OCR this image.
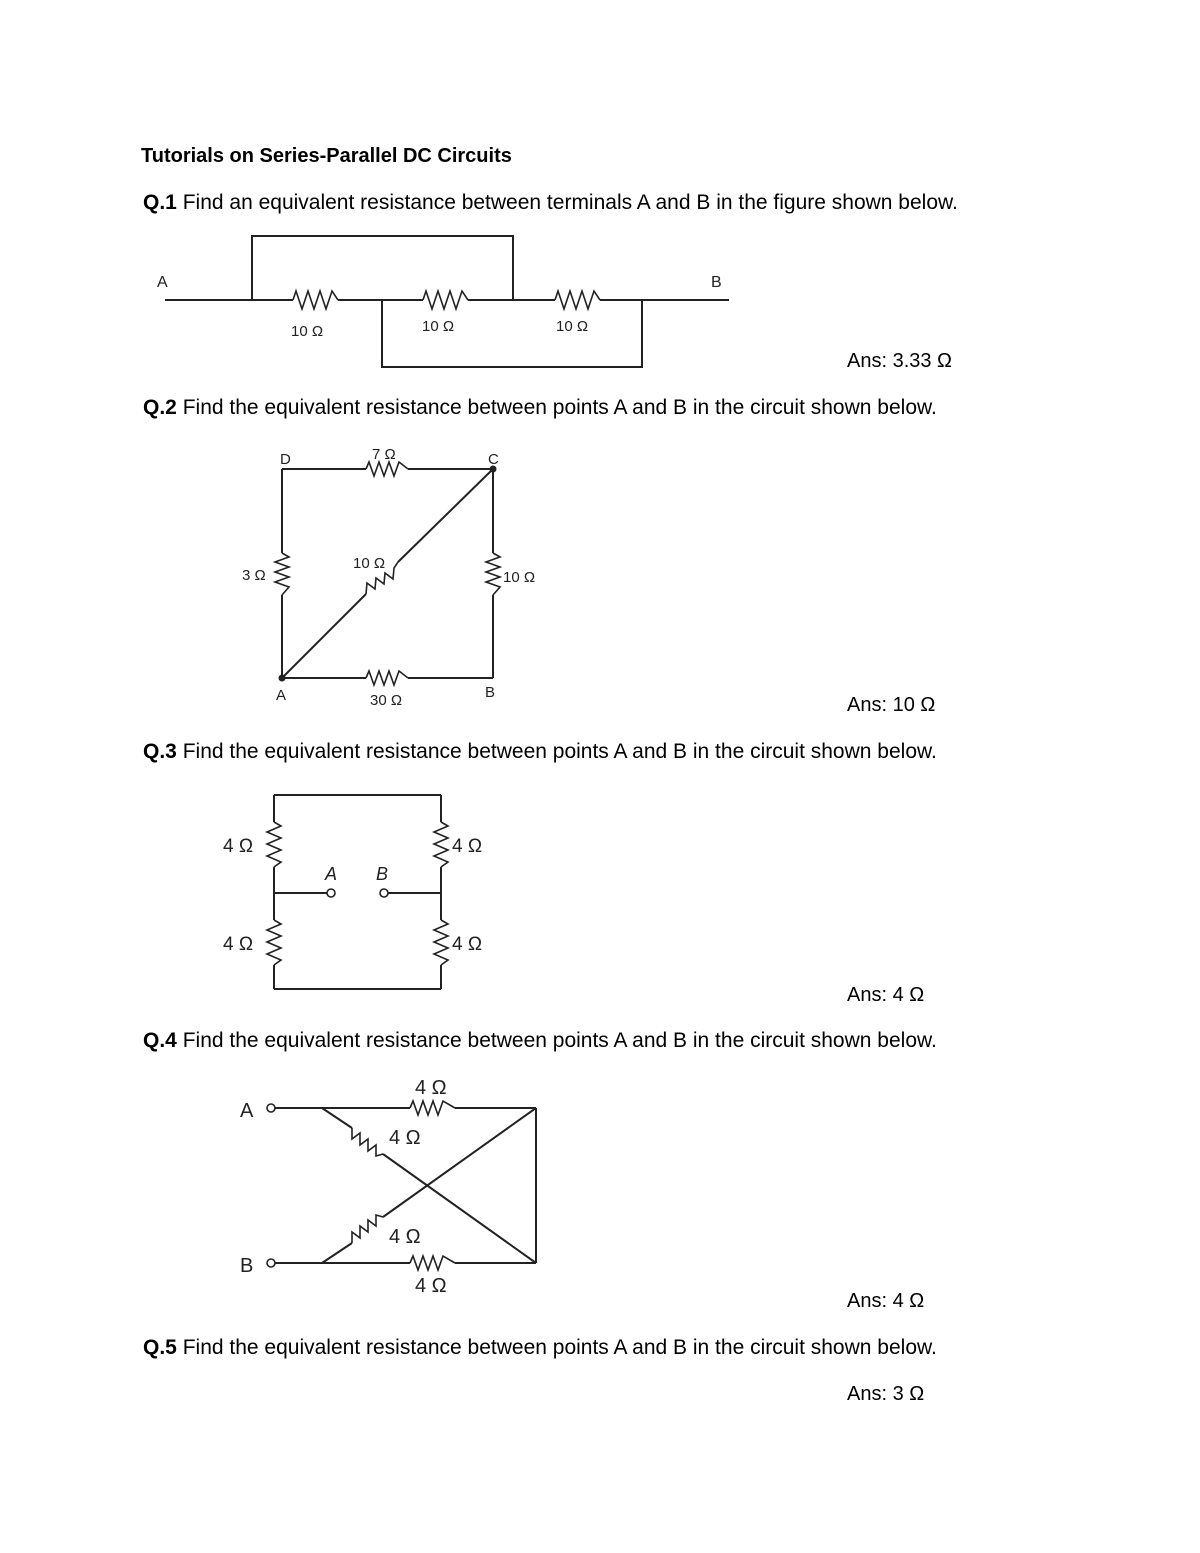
Tutorials on Series-Parallel DC Circuits
Q.1 Find an equivalent resistance between terminals A and B in the figure shown below.
Ans: 3.33 Ω
Q.2 Find the equivalent resistance between points A and B in the circuit shown below.
Ans: 10 Ω
Q.3 Find the equivalent resistance between points A and B in the circuit shown below.
Ans: 4 Ω
Q.4 Find the equivalent resistance between points A and B in the circuit shown below.
Ans: 4 Ω
Q.5 Find the equivalent resistance between points A and B in the circuit shown below.
Ans: 3 Ω
A	B
10 Ω	10 Ω	10 Ω
D	C
A	B
7 Ω
3 Ω
10 Ω
10 Ω
30 Ω
A B
4 Ω
4 Ω
4 Ω
4 Ω
A
B
4 Ω
4 Ω
4 Ω
4 Ω
